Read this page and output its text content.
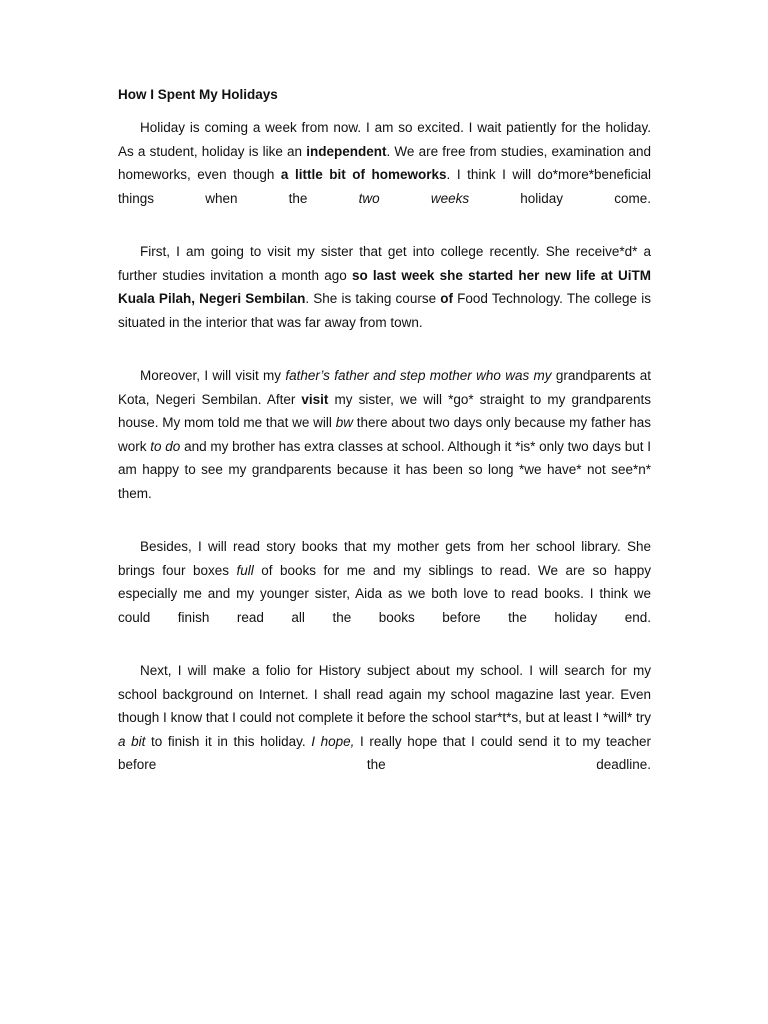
How I Spent My Holidays

Holiday is coming a week from now. I am so excited. I wait patiently for the holiday. As a student, holiday is like an independent. We are free from studies, examination and homeworks, even though a little bit of homeworks. I think I will do*more*beneficial things when the two weeks holiday come.

First, I am going to visit my sister that get into college recently. She receive*d* a further studies invitation a month ago so last week she started her new life at UiTM Kuala Pilah, Negeri Sembilan. She is taking course of Food Technology. The college is situated in the interior that was far away from town.

Moreover, I will visit my father’s father and step mother who was my grandparents at Kota, Negeri Sembilan. After visit my sister, we will *go* straight to my grandparents house. My mom told me that we will bw there about two days only because my father has work to do and my brother has extra classes at school. Although it *is* only two days but I am happy to see my grandparents because it has been so long *we have* not see*n* them.

Besides, I will read story books that my mother gets from her school library. She brings four boxes full of books for me and my siblings to read. We are so happy especially me and my younger sister, Aida as we both love to read books. I think we could finish read all the books before the holiday end.

Next, I will make a folio for History subject about my school. I will search for my school background on Internet. I shall read again my school magazine last year. Even though I know that I could not complete it before the school star*t*s, but at least I *will* try a bit to finish it in this holiday. I hope, I really hope that I could send it to my teacher before the deadline.
